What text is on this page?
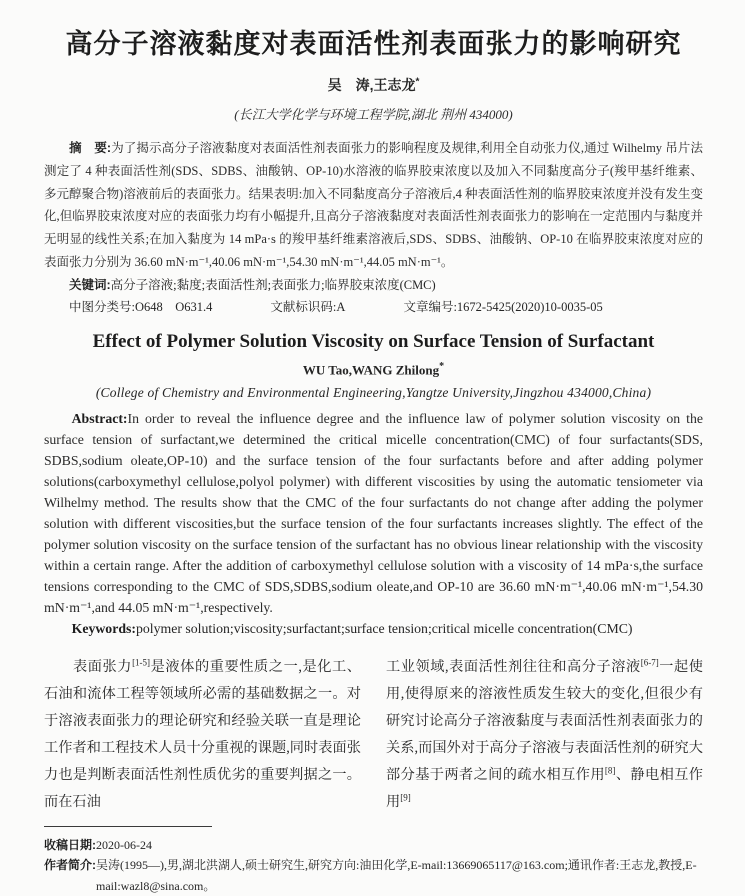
高分子溶液黏度对表面活性剂表面张力的影响研究
吴　涛,王志龙*
(长江大学化学与环境工程学院,湖北 荆州 434000)
摘　要:为了揭示高分子溶液黏度对表面活性剂表面张力的影响程度及规律,利用全自动张力仪,通过 Wilhelmy 吊片法测定了 4 种表面活性剂(SDS、SDBS、油酸钠、OP-10)水溶液的临界胶束浓度以及加入不同黏度高分子(羧甲基纤维素、多元醇聚合物)溶液前后的表面张力。结果表明:加入不同黏度高分子溶液后,4 种表面活性剂的临界胶束浓度并没有发生变化,但临界胶束浓度对应的表面张力均有小幅提升,且高分子溶液黏度对表面活性剂表面张力的影响在一定范围内与黏度并无明显的线性关系;在加入黏度为 14 mPa·s 的羧甲基纤维素溶液后,SDS、SDBS、油酸钠、OP-10 在临界胶束浓度对应的表面张力分别为 36.60 mN·m⁻¹,40.06 mN·m⁻¹,54.30 mN·m⁻¹,44.05 mN·m⁻¹。
关键词:高分子溶液;黏度;表面活性剂;表面张力;临界胶束浓度(CMC)
中图分类号:O648　O631.4	文献标识码:A	文章编号:1672-5425(2020)10-0035-05
Effect of Polymer Solution Viscosity on Surface Tension of Surfactant
WU Tao,WANG Zhilong*
(College of Chemistry and Environmental Engineering,Yangtze University,Jingzhou 434000,China)
Abstract:In order to reveal the influence degree and the influence law of polymer solution viscosity on the surface tension of surfactant,we determined the critical micelle concentration(CMC) of four surfactants(SDS, SDBS,sodium oleate,OP-10) and the surface tension of the four surfactants before and after adding polymer solutions(carboxymethyl cellulose,polyol polymer) with different viscosities by using the automatic tensiometer via Wilhelmy method. The results show that the CMC of the four surfactants do not change after adding the polymer solution with different viscosities,but the surface tension of the four surfactants increases slightly. The effect of the polymer solution viscosity on the surface tension of the surfactant has no obvious linear relationship with the viscosity within a certain range. After the addition of carboxymethyl cellulose solution with a viscosity of 14 mPa·s,the surface tensions corresponding to the CMC of SDS,SDBS,sodium oleate,and OP-10 are 36.60 mN·m⁻¹,40.06 mN·m⁻¹,54.30 mN·m⁻¹,and 44.05 mN·m⁻¹,respectively.
Keywords:polymer solution;viscosity;surfactant;surface tension;critical micelle concentration(CMC)
表面张力[1-5]是液体的重要性质之一,是化工、石油和流体工程等领域所必需的基础数据之一。对于溶液表面张力的理论研究和经验关联一直是理论工作者和工程技术人员十分重视的课题,同时表面张力也是判断表面活性剂性质优劣的重要判据之一。而在石油
工业领域,表面活性剂往往和高分子溶液[6-7]一起使用,使得原来的溶液性质发生较大的变化,但很少有研究讨论高分子溶液黏度与表面活性剂表面张力的关系,而国外对于高分子溶液与表面活性剂的研究大部分基于两者之间的疏水相互作用[8]、静电相互作用[9]
收稿日期: 2020-06-24
作者简介: 吴涛(1995—),男,湖北洪湖人,硕士研究生,研究方向:油田化学,E-mail:13669065117@163.com;通讯作者:王志龙,教授,E-mail:wazl8@sina.com。
